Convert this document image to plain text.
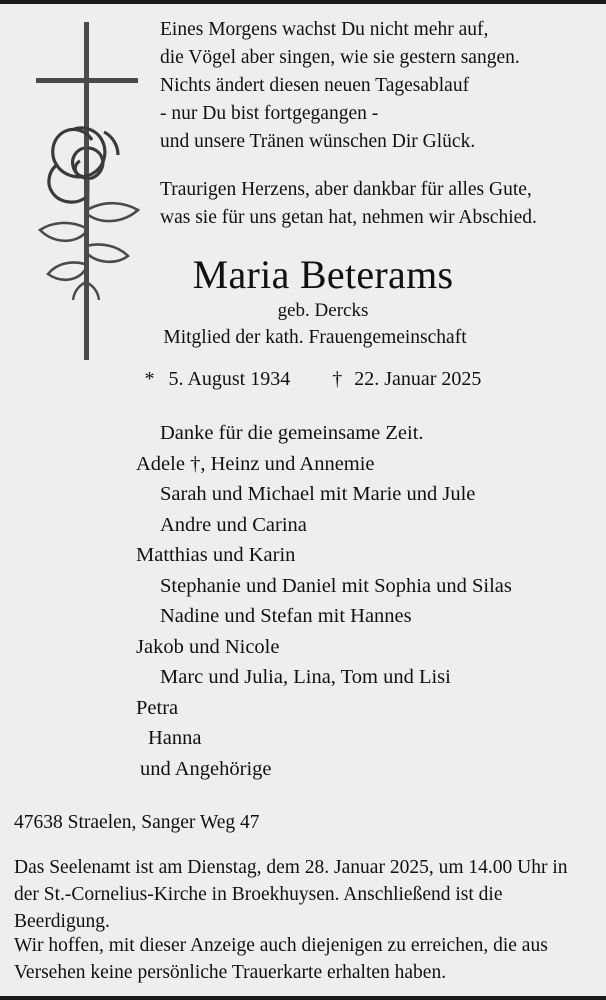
Eines Morgens wachst Du nicht mehr auf,
die Vögel aber singen, wie sie gestern sangen.
Nichts ändert diesen neuen Tagesablauf
- nur Du bist fortgegangen -
und unsere Tränen wünschen Dir Glück.
Traurigen Herzens, aber dankbar für alles Gute,
was sie für uns getan hat, nehmen wir Abschied.
Maria Beterams
geb. Dercks
Mitglied der kath. Frauengemeinschaft
* 5. August 1934 † 22. Januar 2025
Danke für die gemeinsame Zeit.
Adele †, Heinz und Annemie
Sarah und Michael mit Marie und Jule
Andre und Carina
Matthias und Karin
Stephanie und Daniel mit Sophia und Silas
Nadine und Stefan mit Hannes
Jakob und Nicole
Marc und Julia, Lina, Tom und Lisi
Petra
Hanna
und Angehörige
47638 Straelen, Sanger Weg 47
Das Seelenamt ist am Dienstag, dem 28. Januar 2025, um 14.00 Uhr in der St.-Cornelius-Kirche in Broekhuysen. Anschließend ist die Beerdigung.
Wir hoffen, mit dieser Anzeige auch diejenigen zu erreichen, die aus Versehen keine persönliche Trauerkarte erhalten haben.
